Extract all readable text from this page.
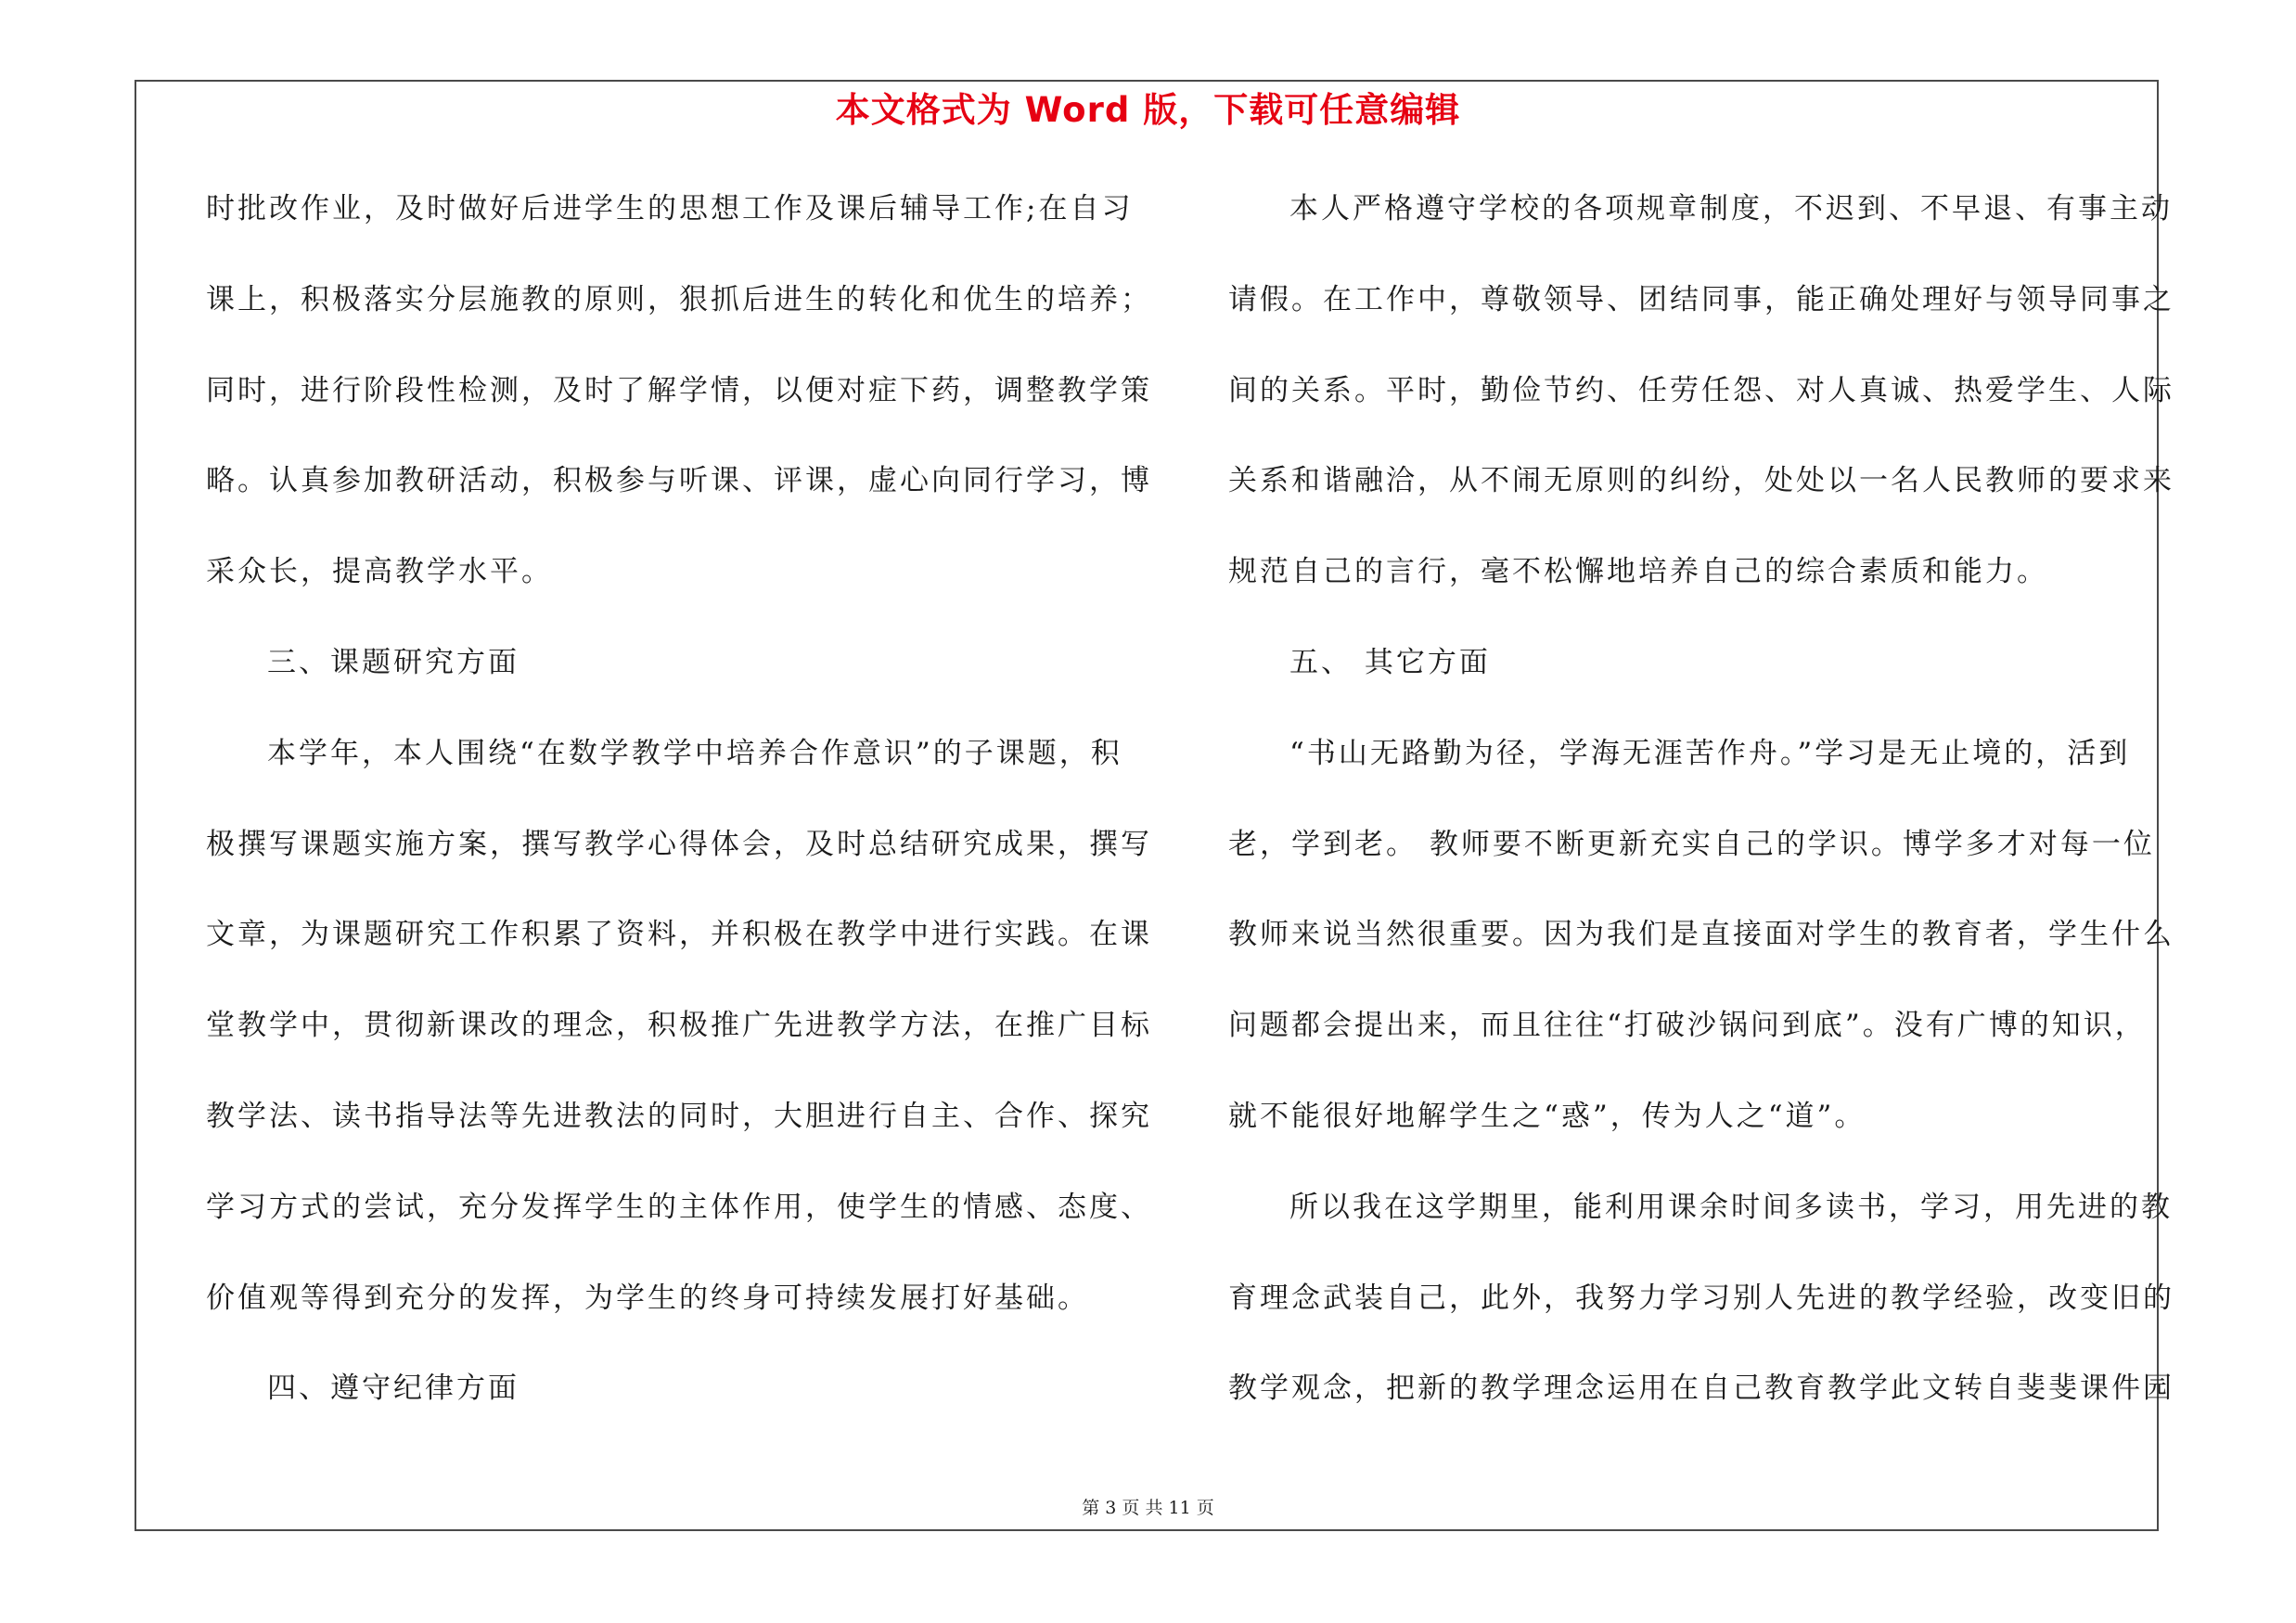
本文格式为 Word 版，下载可任意编辑
时批改作业，及时做好后进学生的思想工作及课后辅导工作;在自习
课上，积极落实分层施教的原则，狠抓后进生的转化和优生的培养；
同时，进行阶段性检测，及时了解学情，以便对症下药，调整教学策
略。认真参加教研活动，积极参与听课、评课，虚心向同行学习，博
采众长，提高教学水平。
三、课题研究方面
本学年，本人围绕“在数学教学中培养合作意识”的子课题，积
极撰写课题实施方案，撰写教学心得体会，及时总结研究成果，撰写
文章，为课题研究工作积累了资料，并积极在教学中进行实践。在课
堂教学中，贯彻新课改的理念，积极推广先进教学方法，在推广目标
教学法、读书指导法等先进教法的同时，大胆进行自主、合作、探究
学习方式的尝试，充分发挥学生的主体作用，使学生的情感、态度、
价值观等得到充分的发挥，为学生的终身可持续发展打好基础。
四、遵守纪律方面
本人严格遵守学校的各项规章制度，不迟到、不早退、有事主动
请假。在工作中，尊敬领导、团结同事，能正确处理好与领导同事之
间的关系。平时，勤俭节约、任劳任怨、对人真诚、热爱学生、人际
关系和谐融洽，从不闹无原则的纠纷，处处以一名人民教师的要求来
规范自己的言行，毫不松懈地培养自己的综合素质和能力。
五、 其它方面
“书山无路勤为径，学海无涯苦作舟。”学习是无止境的，活到
老，学到老。 教师要不断更新充实自己的学识。博学多才对每一位
教师来说当然很重要。因为我们是直接面对学生的教育者，学生什么
问题都会提出来，而且往往“打破沙锅问到底”。没有广博的知识，
就不能很好地解学生之“惑”，传为人之“道”。
所以我在这学期里，能利用课余时间多读书，学习，用先进的教
育理念武装自己，此外，我努力学习别人先进的教学经验，改变旧的
教学观念，把新的教学理念运用在自己教育教学此文转自斐斐课件园
第 3 页 共 11 页
